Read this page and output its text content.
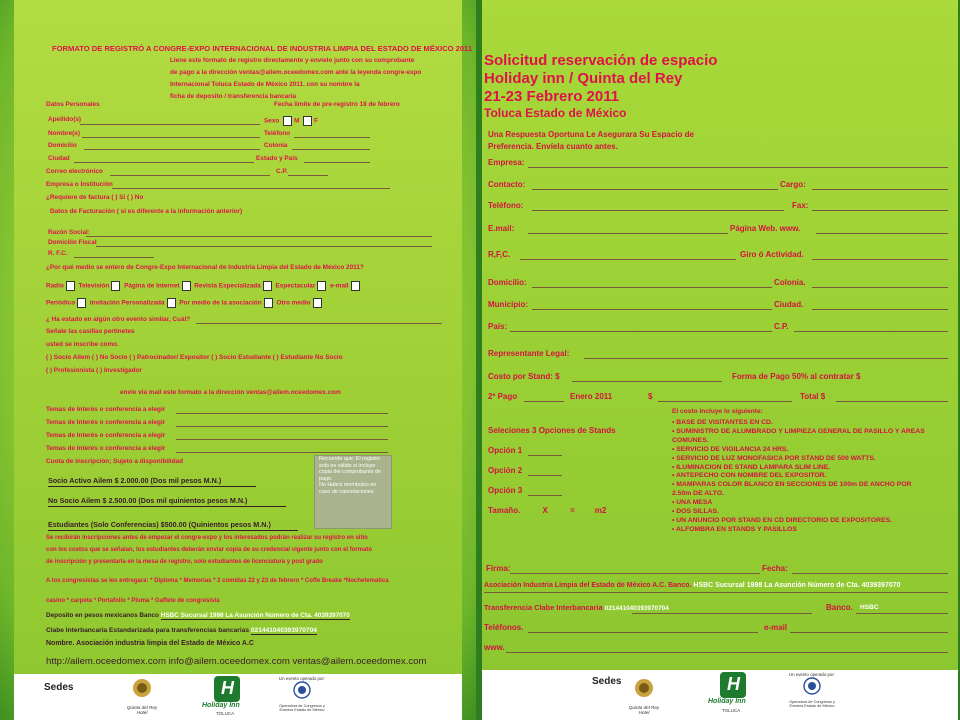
FORMATO DE REGISTRÓ A CONGRE-EXPO INTERNACIONAL DE INDUSTRIA LIMPIA DEL ESTADO DE MÉXICO 2011
Llene este formato de registro directamente y envíelo junto con su comprobante
de pago a la dirección ventas@ailem.oceedomex.com ante la leyenda congre-expo
Internacional Toluca Estado de México 2011. con su nombre la
ficha de deposito / transferencia bancaria
Datos Personales	Fecha limite de pre-registro 18 de febrero
Apellido(s)	Sexo M F
Nombre(s)	Teléfono
Domicilio	Colonia
Ciudad	Estado y País
Correo electrónico	C.P.
Empresa o Institución
¿Requiere de factura ( ) Si ( ) No
Datos de Facturación ( si es diferente a la información anterior)
Razón Social:
Domicilio Fiscal
R. F.C.
¿Por qué medio se entero de Congre-Expo Internacional de Industria Limpia del Estado de México 2011?
Radio Televisión Página de Internet Revista Especializada Espectacular e-mail
Periódico Invitación Personalizada Por medio de la asociación Otro medio
¿ Ha estado en algún otro evento similar, Cuál?
Señale las casillas pertinetes
usted se inscribe como.
( ) Socio Ailem ( ) No Socio ( ) Patrocinador/ Expositor ( ) Socio Estudiante ( ) Estudiante No Socio
( ) Profesionista ( ) Investigador
envíe vía mail este formato a la dirección ventas@ailem.oceedomex.com
Temas de Interés o conferencia a elegir
Temas de Interés o conferencia a elegir
Temas de Interés o conferencia a elegir
Temas de Interés o conferencia a elegir
Cuota de inscripción; Sujeto a disponibilidad
Socio Activo Ailem $ 2.000.00 (Dos mil pesos M.N.)
No Socio Ailem $ 2.500.00 (Dos mil quinientos pesos M.N.)
Estudiantes (Solo Conferencias) $500.00 (Quinientos pesos M.N.)
Recuerde que: El registro
solo es válido si incluye
copia del comprobante de
pago.
No Habrá reembolso en
caso de cancelaciones
Se recibirán inscripciones antes de empezar el congre-expo y los interesados podrán realizar su registro en sitio
con los costos que se señalan, los estudiantes deberán enviar copia de su credencial vigente junto con el formato
de inscripción y presentarla en la mesa de registro, solo estudiantes de licenciatura y post grado
A los congresistas se les entregara: * Diploma * Memorias * 2 comidas 22 y 23 de febrero * Coffe Breake *Nochetematica
casino * carpeta * Portafolio * Pluma * Gaffete de congresista
Deposito en pesos mexicanos Banco HSBC Sucursal 1998 La Asunción Número de Cta. 4039397070
Clabe Interbancaria Estandarizada para transferencias bancarias 021441040393970704
Nombre. Asociación industria limpia del Estado de México A.C
http://ailem.oceedomex.com info@ailem.oceedomex.com ventas@ailem.oceedomex.com
Sedes
Quinta del Rey Hotel
H
Holiday Inn
TOLUCA
Un evento operado por:
Operadora de Congresos y Eventos Estado de México
Solicitud reservación de espacio
Holiday inn / Quinta del Rey
21-23 Febrero 2011
Toluca Estado de México
Una Respuesta Oportuna Le Asegurara Su Espacio de
Preferencia. Envíela cuanto antes.
Empresa:
Contacto:	Cargo:
Teléfono:	Fax:
E.mail:	Página Web. www.
R,F,C.	Giro ó Actividad.
Domicilio:	Colonia.
Municipio:	Ciudad.
País:	C.P.
Representante Legal:
Costo por Stand: $	Forma de Pago 50% al contratar $
2º Pago	Enero 2011	$	Total $
Seleciones 3 Opciones de Stands
Opción 1
Opción 2
Opción 3
Tamaño.          X          =         m2
El costo incluye lo siguiente:
• BASE DE VISITANTES EN CD.
• SUMINISTRO DE ALUMBRADO Y LIMPIEZA GENERAL DE PASILLO Y AREAS
COMUNES.
• SERVICIO DE VIGILANCIA 24 HRS.
• SERVICIO DE LUZ MONOFASICA POR STAND DE 500 WATTS.
• ILUMINACION DE STAND LAMPARA SLIM LINE.
• ANTEPECHO CON NOMBRE DEL EXPOSITOR.
• MAMPARAS COLOR BLANCO EN SECCIONES DE 100m DE ANCHO POR
2.50m DE ALTO.
• UNA MESA
• DOS SILLAS.
• UN ANUNCIO POR STAND EN CD DIRECTORIO DE EXPOSITORES.
• ALFOMBRA EN STANDS Y PASILLOS
Firma:	Fecha:
Asociación Industria Limpia del Estado de México A.C. Banco. HSBC Sucursal 1998 La Asunción Número de Cta. 4039397070
Transferencia Clabe Interbancaria 021441040393970704	Banco. HSBC
Teléfonos.	e-mail
www.
Sedes
Quinta del Rey Hotel
H
Holiday Inn
TOLUCA
Un evento operado por:
Operadora de Congresos y Eventos Estado de México
